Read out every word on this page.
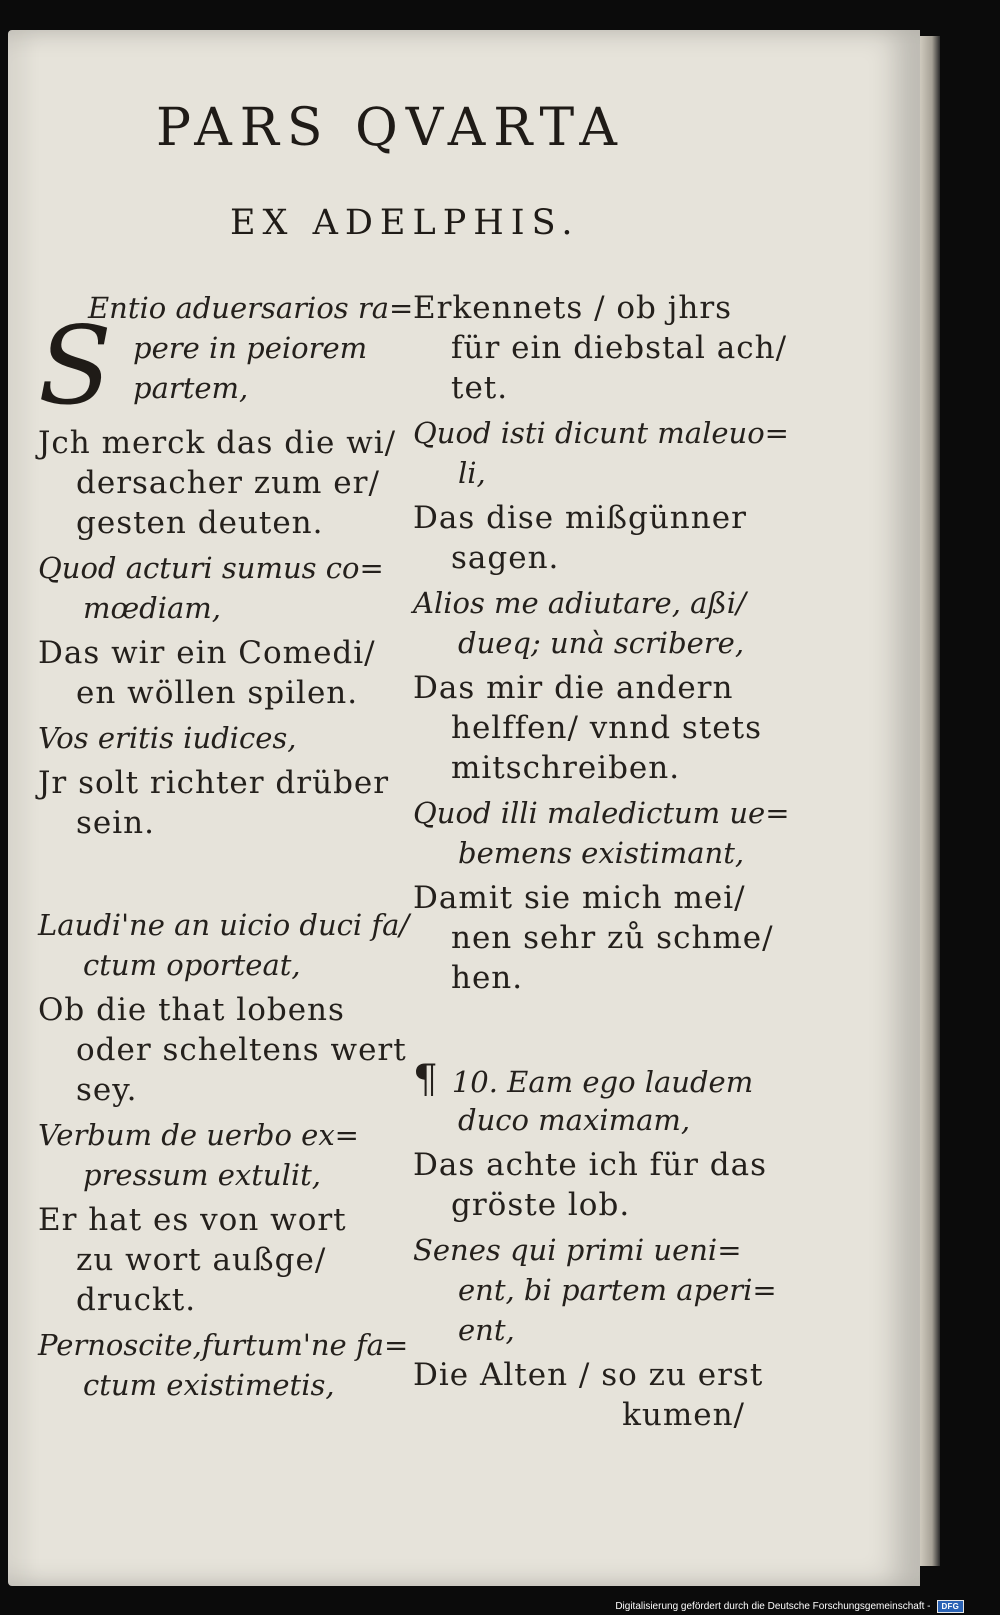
PARS QVARTA
EX ADELPHIS.
S
Entio aduersarios ra=
pere in peiorem
partem,
Jch merck das die wi/
dersacher zum er/
gesten deuten.
Quod acturi sumus co=
mœdiam,
Das wir ein Comedi/
en wöllen spilen.
Vos eritis iudices,
Jr solt richter drüber
sein.
Laudi'ne an uicio duci fa/
ctum oporteat,
Ob die that lobens
oder scheltens wert
sey.
Verbum de uerbo ex=
pressum extulit,
Er hat es von wort
zu wort außge/
druckt.
Pernoscite,furtum'ne fa=
ctum existimetis,
Erkennets / ob jhrs
für ein diebstal ach/
tet.
Quod isti dicunt maleuo=
li,
Das dise mißgünner
sagen.
Alios me adiutare, aßi/
dueq; unà scribere,
Das mir die andern
helffen/ vnnd stets
mitschreiben.
Quod illi maledictum ue=
bemens existimant,
Damit sie mich mei/
nen sehr zů schme/
hen.
¶ 10. Eam ego laudem
duco maximam,
Das achte ich für das
gröste lob.
Senes qui primi ueni=
ent, bi partem aperi=
ent,
Die Alten / so zu erst
kumen/
Digitalisierung gefördert durch die Deutsche Forschungsgemeinschaft -	DFG
